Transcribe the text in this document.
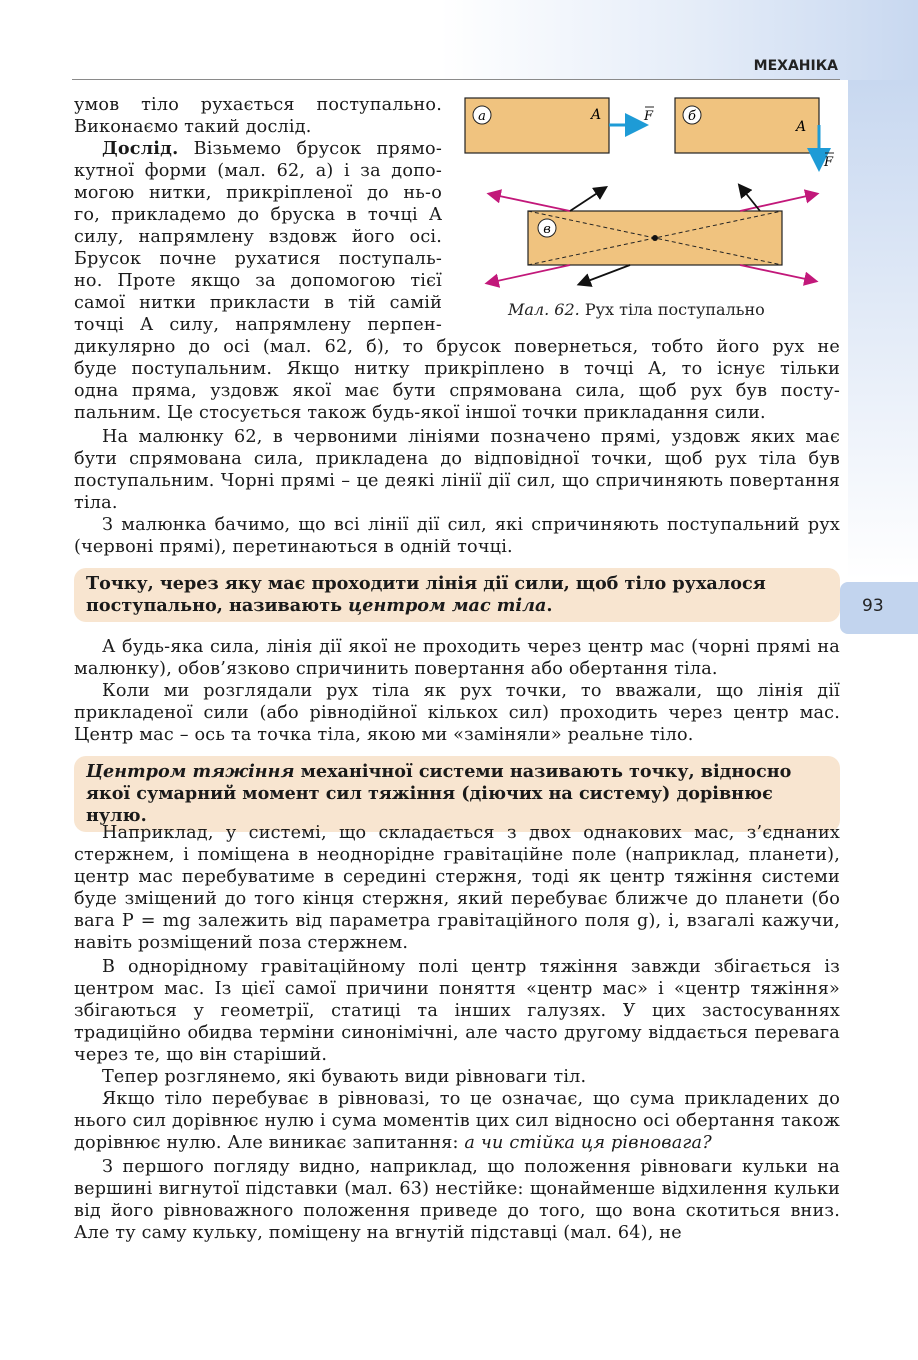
МЕХАНІКА
93
а	A	F	б
A
F
в
Мал. 62. Рух тіла поступально
умов тіло рухається поступально.
Виконаємо такий дослід.
Дослід. Візьмемо брусок прямо-
кутної форми (мал. 62, а) і за допо-
могою нитки, прикріпленої до нь-о
го, прикладемо до бруска в точці A
силу, напрямлену вздовж його осі.
Брусок почне рухатися поступаль-
но. Проте якщо за допомогою тієї
самої нитки прикласти в тій самій
точці A силу, напрямлену перпен-
дикулярно до осі (мал. 62, б), то брусок повернеться, тобто його рух не
буде поступальним. Якщо нитку прикріплено в точці A, то існує тільки
одна пряма, уздовж якої має бути спрямована сила, щоб рух був посту-
пальним. Це стосується також будь-якої іншої точки прикладання сили.

На малюнку 62, в червоними лініями позначено прямі, уздовж яких має бути спрямована сила, прикладена до відповідної точки, щоб рух тіла був поступальним. Чорні прямі – це деякі лінії дії сил, що спричиняють повертання тіла.

З малюнка бачимо, що всі лінії дії сил, які спричиняють поступальний рух (червоні прямі), перетинаються в одній точці.

Точку, через яку має проходити лінія дії сили, щоб тіло рухалося поступально, називають центром мас тіла.

А будь-яка сила, лінія дії якої не проходить через центр мас (чорні прямі на малюнку), обов’язково спричинить повертання або обертання тіла.

Коли ми розглядали рух тіла як рух точки, то вважали, що лінія дії прикладеної сили (або рівнодійної кількох сил) проходить через центр мас. Центр мас – ось та точка тіла, якою ми «заміняли» реальне тіло.

Центром тяжіння механічної системи називають точку, відносно якої сумарний момент сил тяжіння (діючих на систему) дорівнює нулю.

Наприклад, у системі, що складається з двох однакових мас, з’єднаних стержнем, і поміщена в неоднорідне гравітаційне поле (наприклад, планети), центр мас перебуватиме в середині стержня, тоді як центр тяжіння системи буде зміщений до того кінця стержня, який перебуває ближче до планети (бо вага P = mg залежить від параметра гравітаційного поля g), і, взагалі кажучи, навіть розміщений поза стержнем.

В однорідному гравітаційному полі центр тяжіння завжди збігається із центром мас. Із цієї самої причини поняття «центр мас» і «центр тяжіння» збігаються у геометрії, статиці та інших галузях. У цих застосуваннях традиційно обидва терміни синонімічні, але часто другому віддається перевага через те, що він старіший.

Тепер розглянемо, які бувають види рівноваги тіл.

Якщо тіло перебуває в рівновазі, то це означає, що сума прикладених до нього сил дорівнює нулю і сума моментів цих сил відносно осі обертання також дорівнює нулю. Але виникає запитання: а чи стійка ця рівновага?

З першого погляду видно, наприклад, що положення рівноваги кульки на вершині вигнутої підставки (мал. 63) нестійке: щонайменше відхилення кульки від його рівноважного положення приведе до того, що вона скотиться вниз. Але ту саму кульку, поміщену на вгнутій підставці (мал. 64), не
